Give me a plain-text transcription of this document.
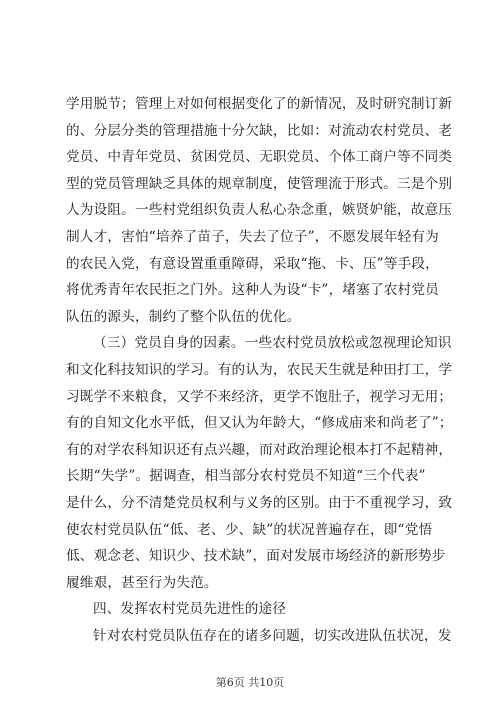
学用脱节；管理上对如何根据变化了的新情况，及时研究制订新
的、分层分类的管理措施十分欠缺，比如：对流动农村党员、老
党员、中青年党员、贫困党员、无职党员、个体工商户等不同类
型的党员管理缺乏具体的规章制度，使管理流于形式。三是个别
人为设阻。一些村党组织负责人私心杂念重，嫉贤妒能，故意压
制人才，害怕“培养了苗子，失去了位子”，不愿发展年轻有为
的农民入党，有意设置重重障碍，采取“拖、卡、压”等手段，
将优秀青年农民拒之门外。这种人为设“卡”，堵塞了农村党员
队伍的源头，制约了整个队伍的优化。
（三）党员自身的因素。一些农村党员放松或忽视理论知识
和文化科技知识的学习。有的认为，农民天生就是种田打工，学
习既学不来粮食，又学不来经济，更学不饱肚子，视学习无用；
有的自知文化水平低，但又认为年龄大，“修成庙来和尚老了”；
有的对学农科知识还有点兴趣，而对政治理论根本打不起精神，
长期“失学”。据调查，相当部分农村党员不知道“三个代表”
是什么，分不清楚党员权利与义务的区别。由于不重视学习，致
使农村党员队伍“低、老、少、缺”的状况普遍存在，即“党悟
低、观念老、知识少、技术缺”，面对发展市场经济的新形势步
履维艰，甚至行为失范。
四、发挥农村党员先进性的途径
针对农村党员队伍存在的诸多问题，切实改进队伍状况，发
第6页 共10页
